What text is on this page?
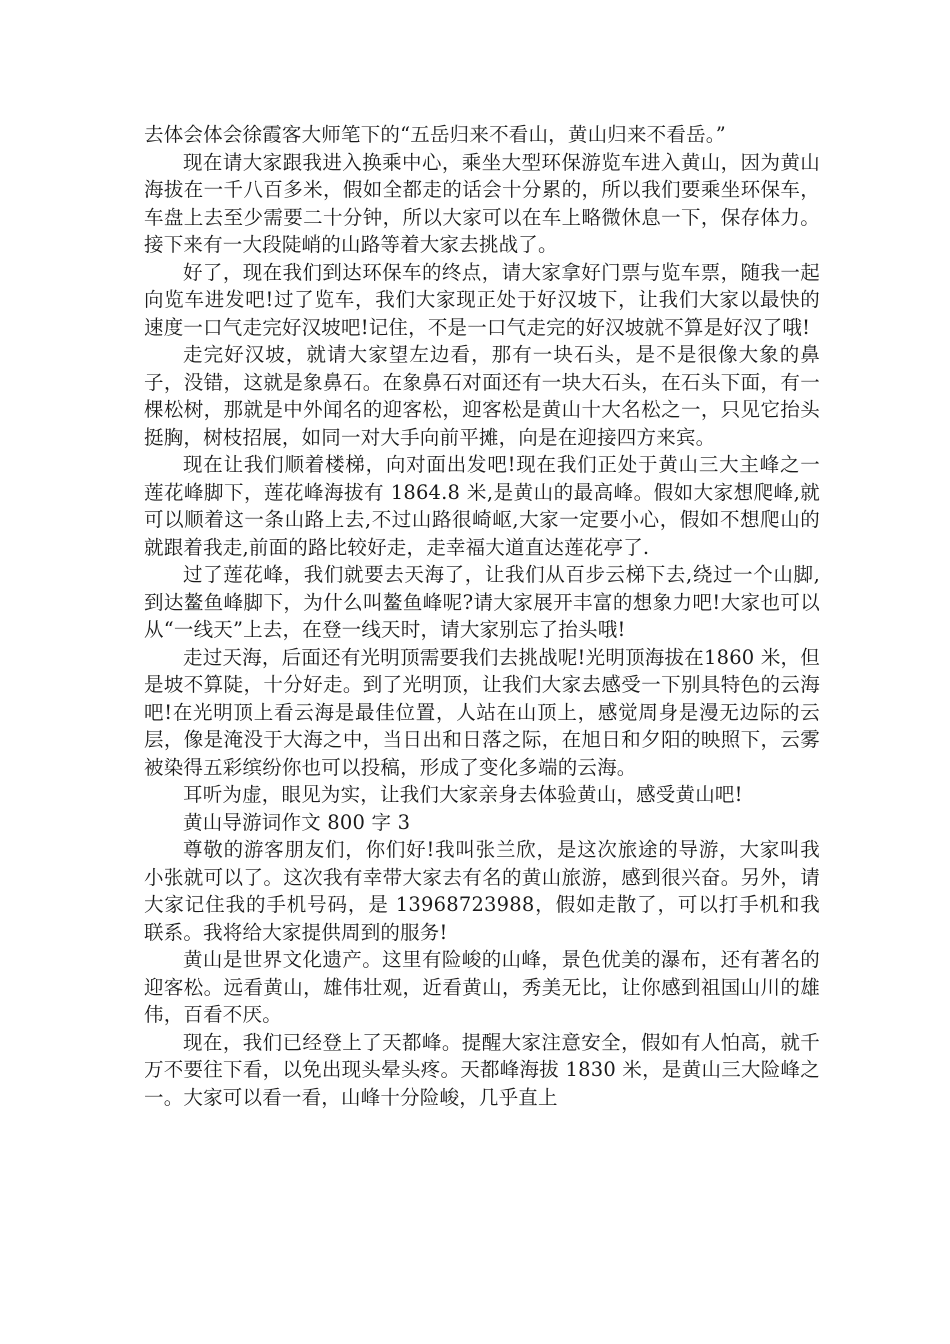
去体会体会徐霞客大师笔下的“五岳归来不看山，黄山归来不看岳。”

现在请大家跟我进入换乘中心，乘坐大型环保游览车进入黄山，因为黄山海拔在一千八百多米，假如全都走的话会十分累的，所以我们要乘坐环保车，车盘上去至少需要二十分钟，所以大家可以在车上略微休息一下，保存体力。接下来有一大段陡峭的山路等着大家去挑战了。

好了，现在我们到达环保车的终点，请大家拿好门票与览车票，随我一起向览车进发吧!过了览车，我们大家现正处于好汉坡下，让我们大家以最快的速度一口气走完好汉坡吧!记住，不是一口气走完的好汉坡就不算是好汉了哦!

走完好汉坡，就请大家望左边看，那有一块石头，是不是很像大象的鼻子，没错，这就是象鼻石。在象鼻石对面还有一块大石头，在石头下面，有一棵松树，那就是中外闻名的迎客松，迎客松是黄山十大名松之一，只见它抬头挺胸，树枝招展，如同一对大手向前平摊，向是在迎接四方来宾。

现在让我们顺着楼梯，向对面出发吧!现在我们正处于黄山三大主峰之一莲花峰脚下，莲花峰海拔有 1864.8 米,是黄山的最高峰。假如大家想爬峰,就可以顺着这一条山路上去,不过山路很崎岖,大家一定要小心，假如不想爬山的就跟着我走,前面的路比较好走，走幸福大道直达莲花亭了.

过了莲花峰，我们就要去天海了，让我们从百步云梯下去,绕过一个山脚,到达鳌鱼峰脚下，为什么叫鳌鱼峰呢?请大家展开丰富的想象力吧!大家也可以从“一线天”上去，在登一线天时，请大家别忘了抬头哦!

走过天海，后面还有光明顶需要我们去挑战呢!光明顶海拔在1860 米，但是坡不算陡，十分好走。到了光明顶，让我们大家去感受一下别具特色的云海吧!在光明顶上看云海是最佳位置，人站在山顶上，感觉周身是漫无边际的云层，像是淹没于大海之中，当日出和日落之际，在旭日和夕阳的映照下，云雾被染得五彩缤纷你也可以投稿，形成了变化多端的云海。

耳听为虚，眼见为实，让我们大家亲身去体验黄山，感受黄山吧!

黄山导游词作文 800 字 3

尊敬的游客朋友们，你们好!我叫张兰欣，是这次旅途的导游，大家叫我小张就可以了。这次我有幸带大家去有名的黄山旅游，感到很兴奋。另外，请大家记住我的手机号码，是 13968723988，假如走散了，可以打手机和我联系。我将给大家提供周到的服务!

黄山是世界文化遗产。这里有险峻的山峰，景色优美的瀑布，还有著名的迎客松。远看黄山，雄伟壮观，近看黄山，秀美无比，让你感到祖国山川的雄伟，百看不厌。

现在，我们已经登上了天都峰。提醒大家注意安全，假如有人怕高，就千万不要往下看，以免出现头晕头疼。天都峰海拔 1830 米，是黄山三大险峰之一。大家可以看一看，山峰十分险峻，几乎直上
